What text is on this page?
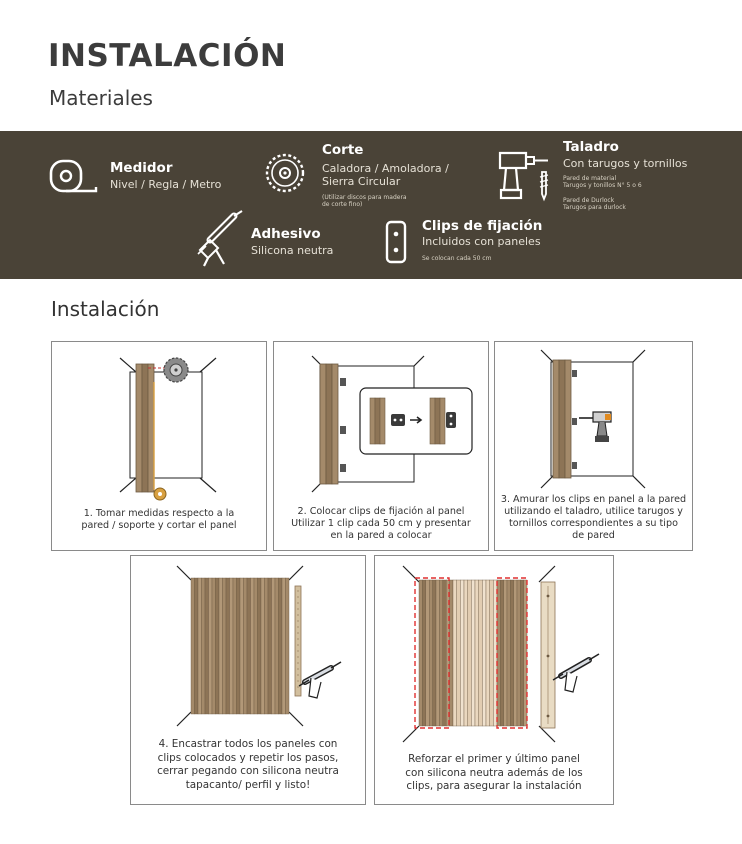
INSTALACIÓN
Materiales
Medidor
Nivel / Regla / Metro
Corte
Caladora / Amoladora /
Sierra Circular
(Utilizar discos para madera
de corte fino)
Taladro
Con tarugos y tornillos
Pared de material
Tarugos y tonillos N° 5 o 6
Pared de Durlock
Tarugos para durlock
Adhesivo
Silicona neutra
Clips de fijación
Incluidos con paneles
Se colocan cada 50 cm
Instalación
1. Tomar medidas respecto a la
pared / soporte y cortar el panel
2. Colocar clips de fijación al panel
Utilizar 1 clip cada 50 cm y presentar
en la pared a colocar
3. Amurar los clips en panel a la pared
utilizando el taladro, utilice tarugos y
tornillos correspondientes a su tipo
de pared
4. Encastrar todos los paneles con
clips colocados y repetir los pasos,
cerrar pegando con silicona neutra
tapacanto/ perfil y listo!
Reforzar el primer y último panel
con silicona neutra además de los
clips, para asegurar la instalación
